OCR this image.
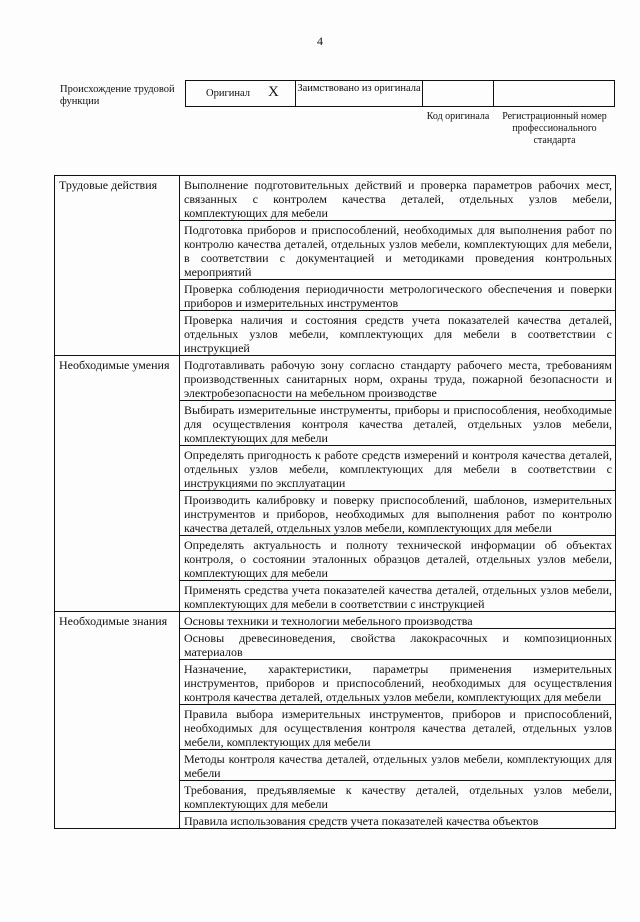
4
Происхождение трудовой функции
Оригинал X Заимствовано из оригинала
Код оригинала	Регистрационный номер профессионального стандарта
Трудовые действия	Выполнение подготовительных действий и проверка параметров рабочих мест, связанных с контролем качества деталей, отдельных узлов мебели, комплектующих для мебели
	Подготовка приборов и приспособлений, необходимых для выполнения работ по контролю качества деталей, отдельных узлов мебели, комплектующих для мебели, в соответствии с документацией и методиками проведения контрольных мероприятий
	Проверка соблюдения периодичности метрологического обеспечения и поверки приборов и измерительных инструментов
	Проверка наличия и состояния средств учета показателей качества деталей, отдельных узлов мебели, комплектующих для мебели в соответствии с инструкцией
Необходимые умения	Подготавливать рабочую зону согласно стандарту рабочего места, требованиям производственных санитарных норм, охраны труда, пожарной безопасности и электробезопасности на мебельном производстве
	Выбирать измерительные инструменты, приборы и приспособления, необходимые для осуществления контроля качества деталей, отдельных узлов мебели, комплектующих для мебели
	Определять пригодность к работе средств измерений и контроля качества деталей, отдельных узлов мебели, комплектующих для мебели в соответствии с инструкциями по эксплуатации
	Производить калибровку и поверку приспособлений, шаблонов, измерительных инструментов и приборов, необходимых для выполнения работ по контролю качества деталей, отдельных узлов мебели, комплектующих для мебели
	Определять актуальность и полноту технической информации об объектах контроля, о состоянии эталонных образцов деталей, отдельных узлов мебели, комплектующих для мебели
	Применять средства учета показателей качества деталей, отдельных узлов мебели, комплектующих для мебели в соответствии с инструкцией
Необходимые знания	Основы техники и технологии мебельного производства
	Основы древесиноведения, свойства лакокрасочных и композиционных материалов
	Назначение, характеристики, параметры применения измерительных инструментов, приборов и приспособлений, необходимых для осуществления контроля качества деталей, отдельных узлов мебели, комплектующих для мебели
	Правила выбора измерительных инструментов, приборов и приспособлений, необходимых для осуществления контроля качества деталей, отдельных узлов мебели, комплектующих для мебели
	Методы контроля качества деталей, отдельных узлов мебели, комплектующих для мебели
	Требования, предъявляемые к качеству деталей, отдельных узлов мебели, комплектующих для мебели
	Правила использования средств учета показателей качества объектов
